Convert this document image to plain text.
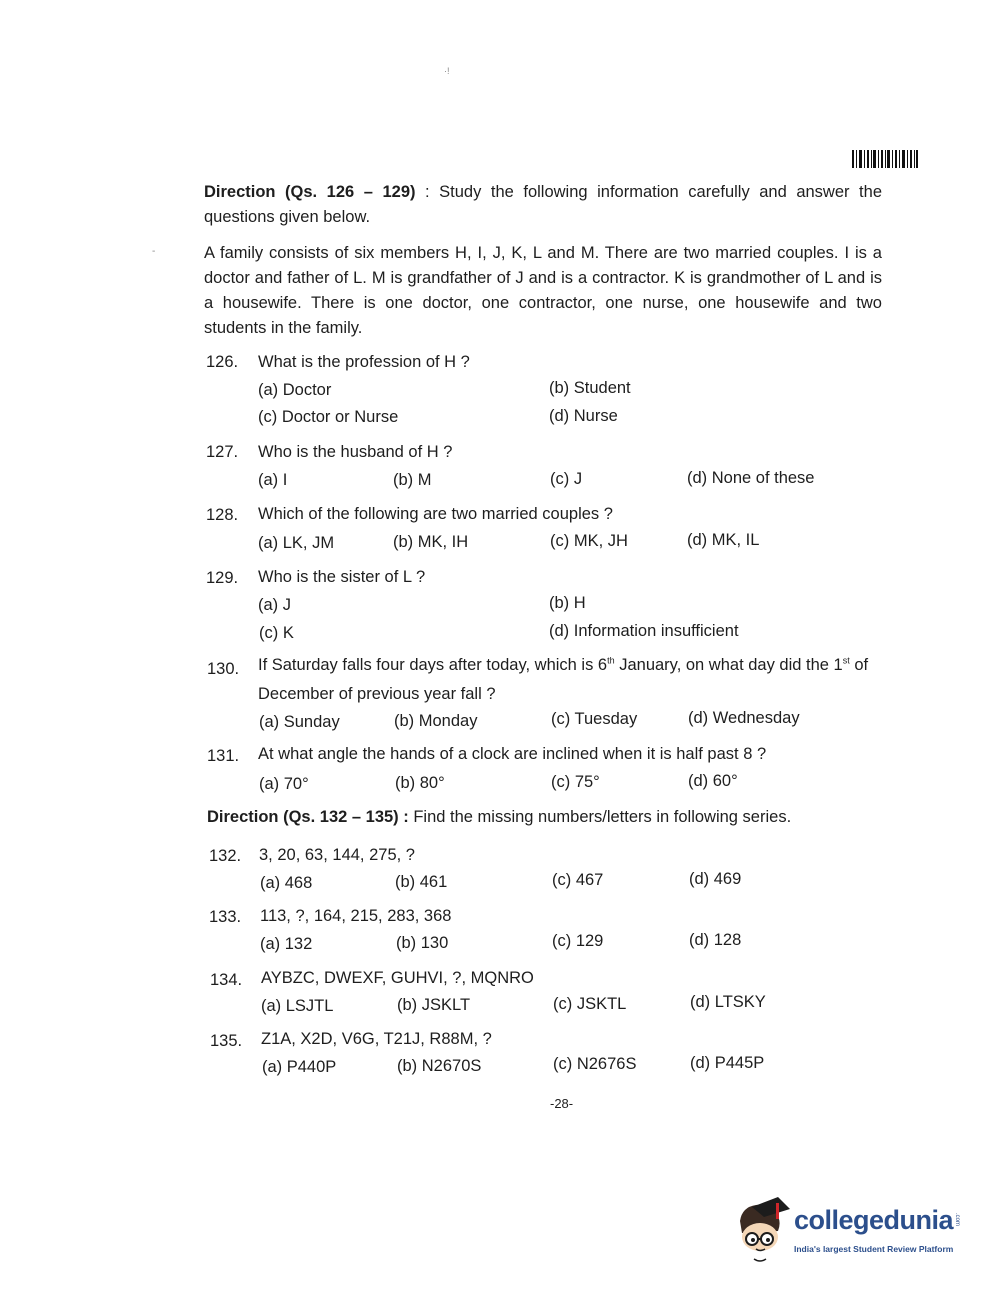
·!
-
Direction (Qs. 126 – 129) : Study the following information carefully and answer the questions given below.
A family consists of six members H, I, J, K, L and M. There are two married couples. I is a doctor and father of L. M is grandfather of J and is a contractor. K is grandmother of L and is a housewife. There is one doctor, one contractor, one nurse, one housewife and two students in the family.
126. What is the profession of H ?
(a) Doctor	(b) Student
(c) Doctor or Nurse	(d) Nurse
127. Who is the husband of H ?
(a) I	(b) M	(c) J	(d) None of these
128. Which of the following are two married couples ?
(a) LK, JM	(b) MK, IH	(c) MK, JH	(d) MK, IL
129. Who is the sister of L ?
(a) J	(b) H
(c) K	(d) Information insufficient
130. If Saturday falls four days after today, which is 6th January, on what day did the 1st of
December of previous year fall ?
(a) Sunday	(b) Monday	(c) Tuesday	(d) Wednesday
131. At what angle the hands of a clock are inclined when it is half past 8 ?
(a) 70°	(b) 80°	(c) 75°	(d) 60°
Direction (Qs. 132 – 135) : Find the missing numbers/letters in following series.
132. 3, 20, 63, 144, 275, ?
(a) 468	(b) 461	(c) 467	(d) 469
133. 113, ?, 164, 215, 283, 368
(a) 132	(b) 130	(c) 129	(d) 128
134. AYBZC, DWEXF, GUHVI, ?, MQNRO
(a) LSJTL	(b) JSKLT	(c) JSKTL	(d) LTSKY
135. Z1A, X2D, V6G, T21J, R88M, ?
(a) P440P	(b) N2670S	(c) N2676S	(d) P445P
-28-
collegedunia .com
India's largest Student Review Platform
